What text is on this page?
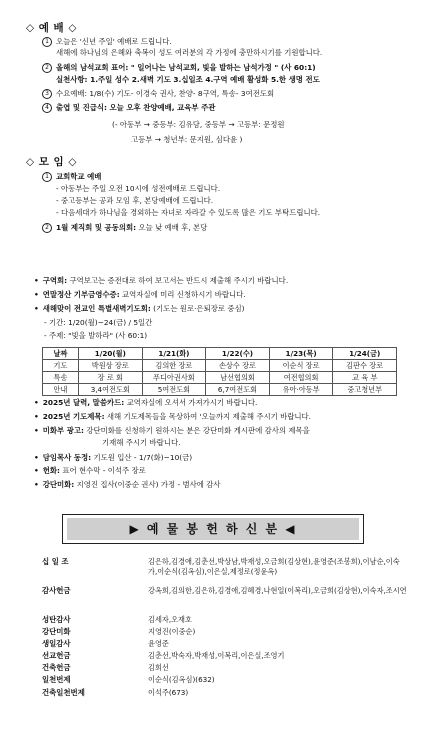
◇ 예 배 ◇
1 오늘은 '신년 주일' 예배로 드립니다.
새해에 하나님의 은혜와 축복이 성도 여러분의 각 가정에 충만하시기를 기원합니다.
2 올해의 남석교회 표어: " 일어나는 남석교회, 빛을 발하는 남석가정 " (사 60:1)
실천사항: 1.주일 성수 2.새벽 기도 3.십일조 4.구역 예배 활성화 5.한 생명 전도
3 수요예배: 1/8(수) 기도- 이경숙 권사, 찬양- 8구역, 특송- 3여전도회
4 출엽 및 진급식: 오늘 오후 찬양예배, 교육부 주관
(- 아동부 → 중등부: 김유담, 중등부 → 고등부: 문정원
고등부 → 청년부: 문지원, 심다윤 )
◇ 모 임 ◇
1 교회학교 예배
- 아동부는 주일 오전 10시에 성전예배로 드립니다.
- 중고등부는 공과 모임 후, 본당예배에 드립니다.
- 다음세대가 하나님을 경외하는 자녀로 자라갈 수 있도록 많은 기도 부탁드립니다.
2 1월 제직회 및 공동의회: 오늘 낮 예배 후, 본당
• 구역회: 구역보고는 증전대로 하여 보고서는 반드시 제출해 주시기 바랍니다.
• 연말정산 기부금영수증: 교역자실에 미리 신청하시기 바랍니다.
• 새해맞이 전교인 특별새벽기도회: (기도는 원로·은퇴장로 중심)
- 기간: 1/20(월)~24(금) / 5일간
- 주제: "빛을 발하라" (사 60:1)
날짜	1/20(월)	1/21(화)	1/22(수)	1/23(목)	1/24(금)
기도	박원상 장로	김의한 장로	손상수 장로	이순식 장로	김판수 장로
특송	장 로 회	푸디아권사회	남선협의회	여전협의회	교 육 부
안내	3,4여전도회	5여전도회	6,7여전도회	유아·아동부	중고청년부
• 2025년 달력, 말씀카드: 교역자실에 오셔서 가져가시기 바랍니다.
• 2025년 기도제목: 새해 기도제목들을 목상하여 '오늘까지 제출해 주시기 바랍니다.
• 미화부 광고: 강단미화를 신청하기 원하시는 분은 강단미화 게시판에 감사의 제목을
기재해 주시기 바랍니다.
• 담임목사 동정: 기도원 입산 - 1/7(화)~10(금)
• 헌화: 표어 현수막 - 이석주 장로
• 강단미화: 지영진 집사(이중순 권사) 가정 - 범사에 감사
▶ 예 물 봉 헌 하 신 분 ◀
십 일 조	김은하,김경애,김춘선,박상남,박재성,오금희(김상현),윤영준(조봉희),이남순,이숙가,이순식(김옥심),이은실,제정로(정윤옥)
감사헌금	강옥희,김의한,김은하,김경애,김혜경,나현일(이복리),오금희(김상현),이숙자,조시연
성탄감사	김세자,오재호
강단미화	지영진(이중순)
생일감사	윤영준
선교헌금	김춘선,박숙자,박재성,이복리,이은실,조영기
건축헌금	김희선
일천번제	이순식(김옥심)(632)
건축일천번제	이석주(673)
